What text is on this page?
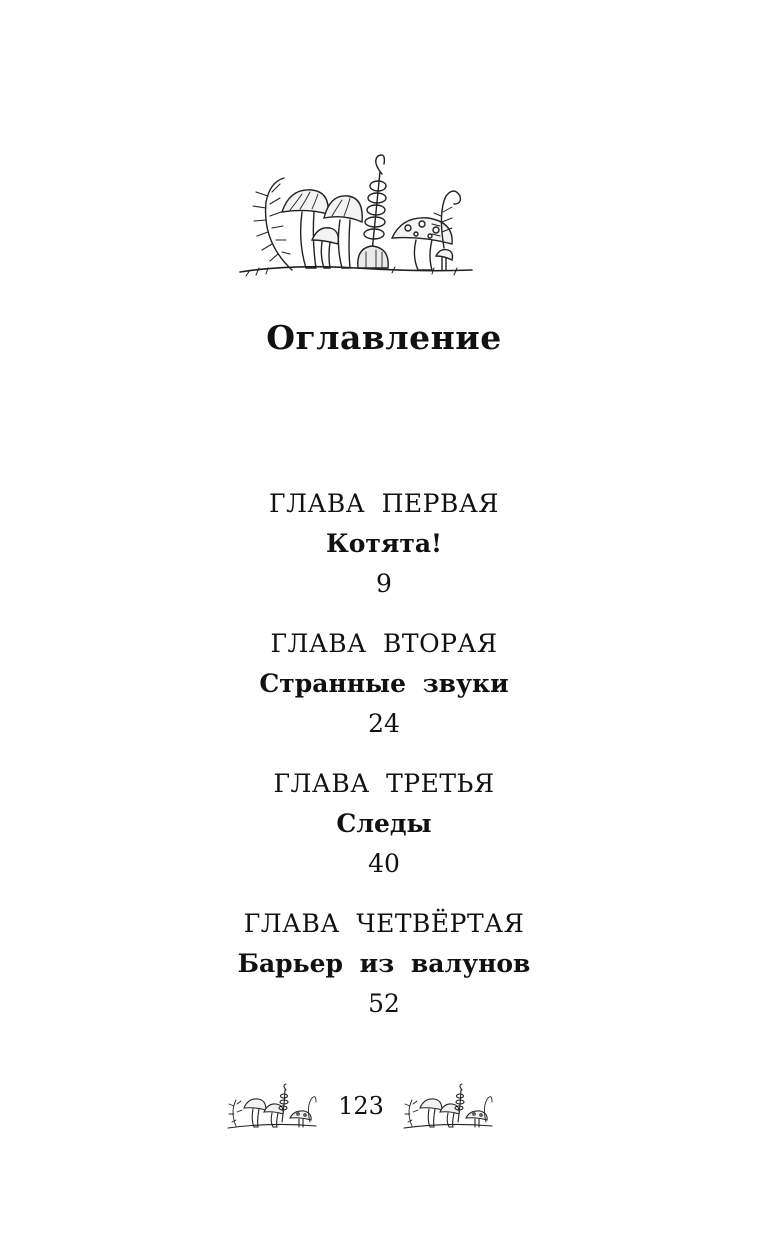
Оглавление
ГЛАВА ПЕРВАЯ
Котята!
9
ГЛАВА ВТОРАЯ
Странные звуки
24
ГЛАВА ТРЕТЬЯ
Следы
40
ГЛАВА ЧЕТВЁРТАЯ
Барьер из валунов
52
123
